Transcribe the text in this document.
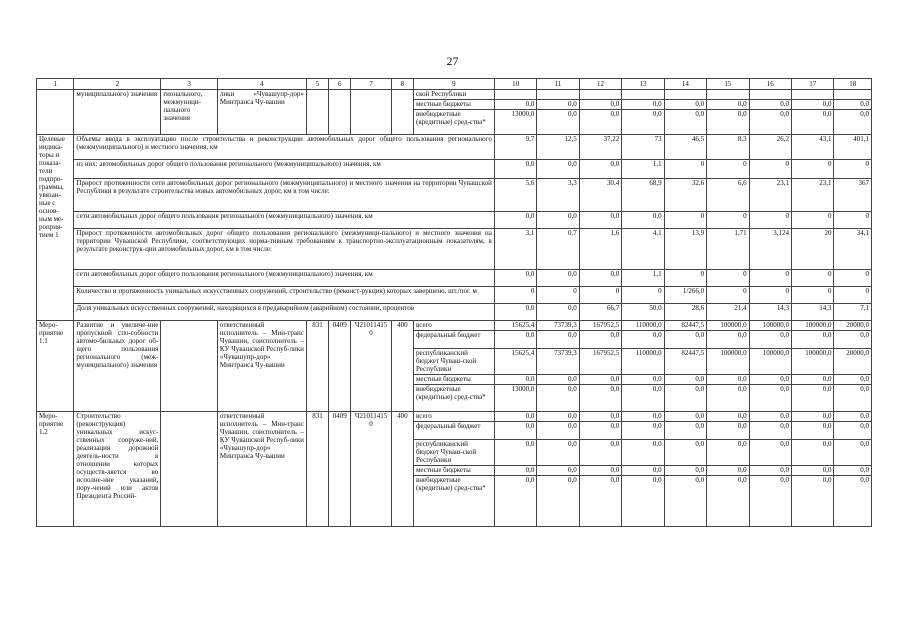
27
1	2	3	4	5	6	7	8	9	10	11	12	13	14	15	16	17	18
	муниципального) значения	гионального, межмуници-пального значения	лики «Чувашупр-дор» Минтранса Чу-вашии					ской Республики									
								местные бюджеты	0,0	0,0	0,0	0,0	0,0	0,0	0,0	0,0	0,0
								внебюджетные (кредитные) сред-ства*	13000,0	0,0	0,0	0,0	0,0	0,0	0,0	0,0	0,0
Целевые индика-торы и показа-тели подпро-граммы, увязан-ные с основ-ным ме-роприя-тием 1	Объемы ввода в эксплуатацию после строительства и реконструкции автомобильных дорог общего пользования регионального (межмуниципального) и местного значения, км								9,7	12,5	37,22	73	46,5	8,3	26,2	43,1	401,1
	из них: автомобильных дорог общего пользования регионального (межмуниципального) значения, км								0,0	0,0	0,0	1,1	0	0	0	0	0
	Прирост протяженности сети автомобильных дорог регионального (межмуниципального) и местного значения на территории Чувашской Республики в результате строительства новых автомобильных дорог, км в том числе:								5,6	3,3	30,4	68,9	32,6	6,6	23,1	23,1	367
	сети автомобильных дорог общего пользования регионального (межмуниципального) значения, км								0,0	0,0	0,0	0,0	0	0	0	0	0
	Прирост протяженности автомобильных дорог общего пользования регионального (межмуници-пального) и местного значения на территории Чувашской Республики, соответствующих норма-тивным требованиям к транспортно-эксплуатационным показателям, в результате реконструк-ции автомобильных дорог, км в том числе:								3,1	0,7	1,6	4,1	13,9	1,71	3,124	20	34,1
	сети автомобильных дорог общего пользования регионального (межмуниципального) значения, км								0,0	0,0	0,0	1,1	0	0	0	0	0
	Количество и протяженность уникальных искусственных сооружений, строительство (реконст-рукция) которых завершено, шт./пог. м								0	0	0	0	1/266,0	0	0	0	0
	Доля уникальных искусственных сооружений, находящихся в предаварийном (аварийном) состоянии, процентов								0,0	0,0	66,7	50,0	28,6	21,4	14,3	14,3	7,1
Меро-приятие 1.1	Развитие и увеличе-ние пропускной спо-собности автомо-бильных дорог об-щего пользования регионального (меж-муниципального) значения		ответственный исполнитель – Мин-транс Чувашии, соисполнитель – КУ Чувашской Респуб-лики «Чувашупр-дор» Минтранса Чу-вашии	831	0409	Ч210114150	400	всего	15625,4	73739,3	167952,5	110000,0	82447,5	100000,0	100000,0	100000,0	20000,0
								федеральный бюджет	0,0	0,0	0,0	0,0	0,0	0,0	0,0	0,0	0,0
								республиканский бюджет Чуваш-ской Республики	15625,4	73739,3	167952,5	110000,0	82447,5	100000,0	100000,0	100000,0	20000,0
								местные бюджеты	0,0	0,0	0,0	0,0	0,0	0,0	0,0	0,0	0,0
								внебюджетные (кредитные) сред-ства*	13000,0	0,0	0,0	0,0	0,0	0,0	0,0	0,0	0,0
Меро-приятие 1.2	Строительство (реконструкция) уникальных искус-ственных сооруже-ний, реализация дорожной деятель-ности в отношении которых осуществ-ляется во исполне-ние указаний, пору-чений или актов Президента Россий-		ответственный исполнитель – Мин-транс Чувашии, соисполнитель – КУ Чувашской Респуб-лики «Чувашупр-дор» Минтранса Чу-вашии	831	0409	Ч210114150	400	всего	0,0	0,0	0,0	0,0	0,0	0,0	0,0	0,0	0,0
								федеральный бюджет	0,0	0,0	0,0	0,0	0,0	0,0	0,0	0,0	0,0
								республиканский бюджет Чуваш-ской Республики	0,0	0,0	0,0	0,0	0,0	0,0	0,0	0,0	0,0
								местные бюджеты	0,0	0,0	0,0	0,0	0,0	0,0	0,0	0,0	0,0
								внебюджетные (кредитные) сред-ства*	0,0	0,0	0,0	0,0	0,0	0,0	0,0	0,0	0,0
